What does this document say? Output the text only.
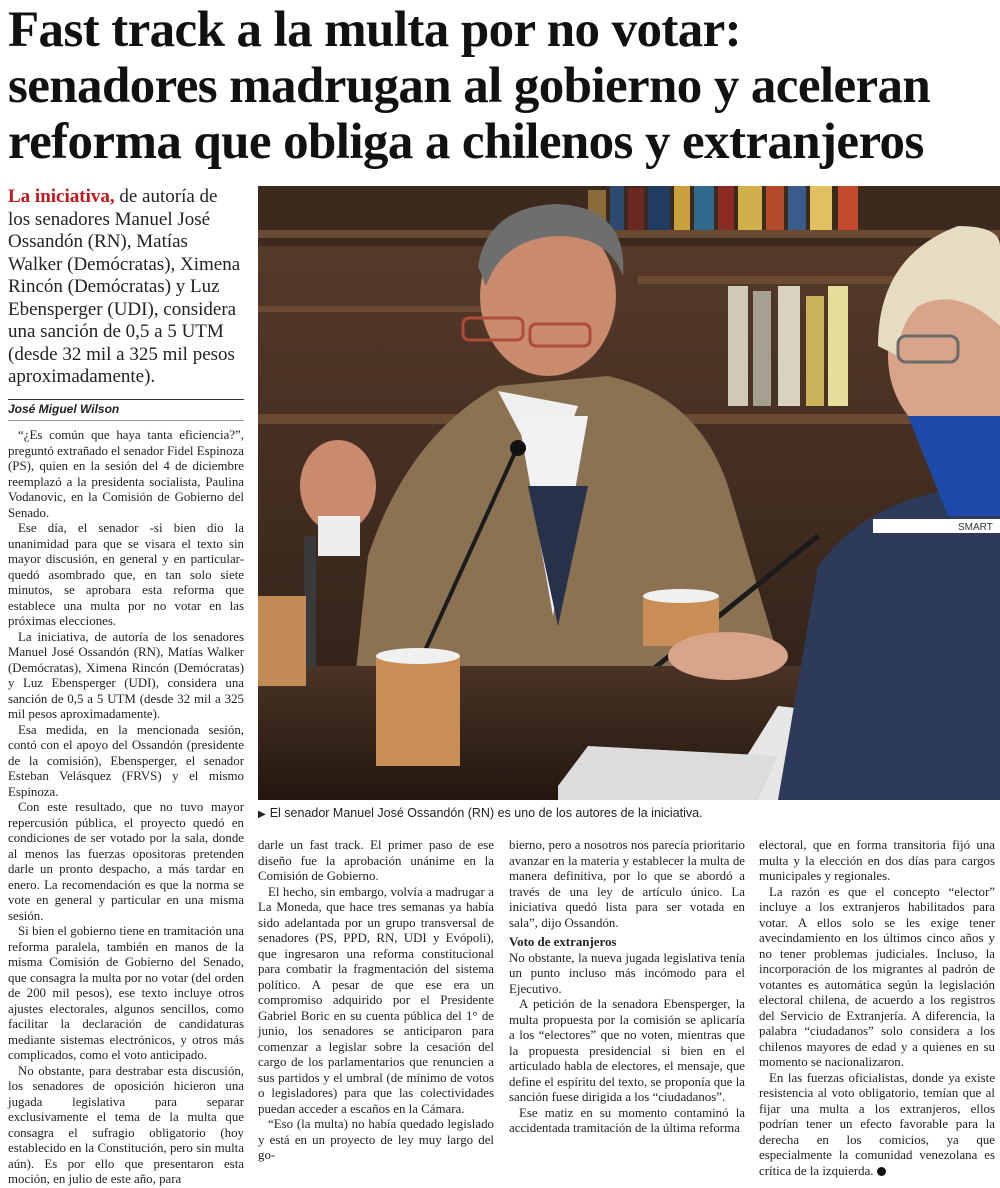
Fast track a la multa por no votar:
senadores madrugan al gobierno y aceleran
reforma que obliga a chilenos y extranjeros
La iniciativa, de autoría de los senadores Manuel José Ossandón (RN), Matías Walker (Demócratas), Ximena Rincón (Demócratas) y Luz Ebensperger (UDI), considera una sanción de 0,5 a 5 UTM (desde 32 mil a 325 mil pesos aproximadamente).
José Miguel Wilson

“¿Es común que haya tanta eficiencia?”, preguntó extrañado el senador Fidel Espinoza (PS), quien en la sesión del 4 de diciembre reemplazó a la presidenta socialista, Paulina Vodanovic, en la Comisión de Gobierno del Senado.

Ese día, el senador -si bien dio la unanimidad para que se visara el texto sin mayor discusión, en general y en particular- quedó asombrado que, en tan solo siete minutos, se aprobara esta reforma que establece una multa por no votar en las próximas elecciones.

La iniciativa, de autoría de los senadores Manuel José Ossandón (RN), Matías Walker (Demócratas), Ximena Rincón (Demócratas) y Luz Ebensperger (UDI), considera una sanción de 0,5 a 5 UTM (desde 32 mil a 325 mil pesos aproximadamente).

Esa medida, en la mencionada sesión, contó con el apoyo del Ossandón (presidente de la comisión), Ebensperger, el senador Esteban Velásquez (FRVS) y el mismo Espinoza.

Con este resultado, que no tuvo mayor repercusión pública, el proyecto quedó en condiciones de ser votado por la sala, donde al menos las fuerzas opositoras pretenden darle un pronto despacho, a más tardar en enero. La recomendación es que la norma se vote en general y particular en una misma sesión.

Si bien el gobierno tiene en tramitación una reforma paralela, también en manos de la misma Comisión de Gobierno del Senado, que consagra la multa por no votar (del orden de 200 mil pesos), ese texto incluye otros ajustes electorales, algunos sencillos, como facilitar la declaración de candidaturas mediante sistemas electrónicos, y otros más complicados, como el voto anticipado.

No obstante, para destrabar esta discusión, los senadores de oposición hicieron una jugada legislativa para separar exclusivamente el tema de la multa que consagra el sufragio obligatorio (hoy establecido en la Constitución, pero sin multa aún). Es por ello que presentaron esta moción, en julio de este año, para

SMART
▶ El senador Manuel José Ossandón (RN) es uno de los autores de la iniciativa.

darle un fast track. El primer paso de ese diseño fue la aprobación unánime en la Comisión de Gobierno.

El hecho, sin embargo, volvía a madrugar a La Moneda, que hace tres semanas ya había sido adelantada por un grupo transversal de senadores (PS, PPD, RN, UDI y Evópoli), que ingresaron una reforma constitucional para combatir la fragmentación del sistema político. A pesar de que ese era un compromiso adquirido por el Presidente Gabriel Boric en su cuenta pública del 1° de junio, los senadores se anticiparon para comenzar a legislar sobre la cesación del cargo de los parlamentarios que renuncien a sus partidos y el umbral (de mínimo de votos o legisladores) para que las colectividades puedan acceder a escaños en la Cámara.

“Eso (la multa) no había quedado legislado y está en un proyecto de ley muy largo del go-

bierno, pero a nosotros nos parecía prioritario avanzar en la materia y establecer la multa de manera definitiva, por lo que se abordó a través de una ley de artículo único. La iniciativa quedó lista para ser votada en sala”, dijo Ossandón.

Voto de extranjeros

No obstante, la nueva jugada legislativa tenía un punto incluso más incómodo para el Ejecutivo.

A petición de la senadora Ebensperger, la multa propuesta por la comisión se aplicaría a los “electores” que no voten, mientras que la propuesta presidencial si bien en el articulado habla de electores, el mensaje, que define el espíritu del texto, se proponía que la sanción fuese dirigida a los “ciudadanos”.

Ese matiz en su momento contaminó la accidentada tramitación de la última reforma

electoral, que en forma transitoria fijó una multa y la elección en dos días para cargos municipales y regionales.

La razón es que el concepto “elector” incluye a los extranjeros habilitados para votar. A ellos solo se les exige tener avecindamiento en los últimos cinco años y no tener problemas judiciales. Incluso, la incorporación de los migrantes al padrón de votantes es automática según la legislación electoral chilena, de acuerdo a los registros del Servicio de Extranjería. A diferencia, la palabra “ciudadanos” solo considera a los chilenos mayores de edad y a quienes en su momento se nacionalizaron.

En las fuerzas oficialistas, donde ya existe resistencia al voto obligatorio, temían que al fijar una multa a los extranjeros, ellos podrían tener un efecto favorable para la derecha en los comicios, ya que especialmente la comunidad venezolana es crítica de la izquierda.
